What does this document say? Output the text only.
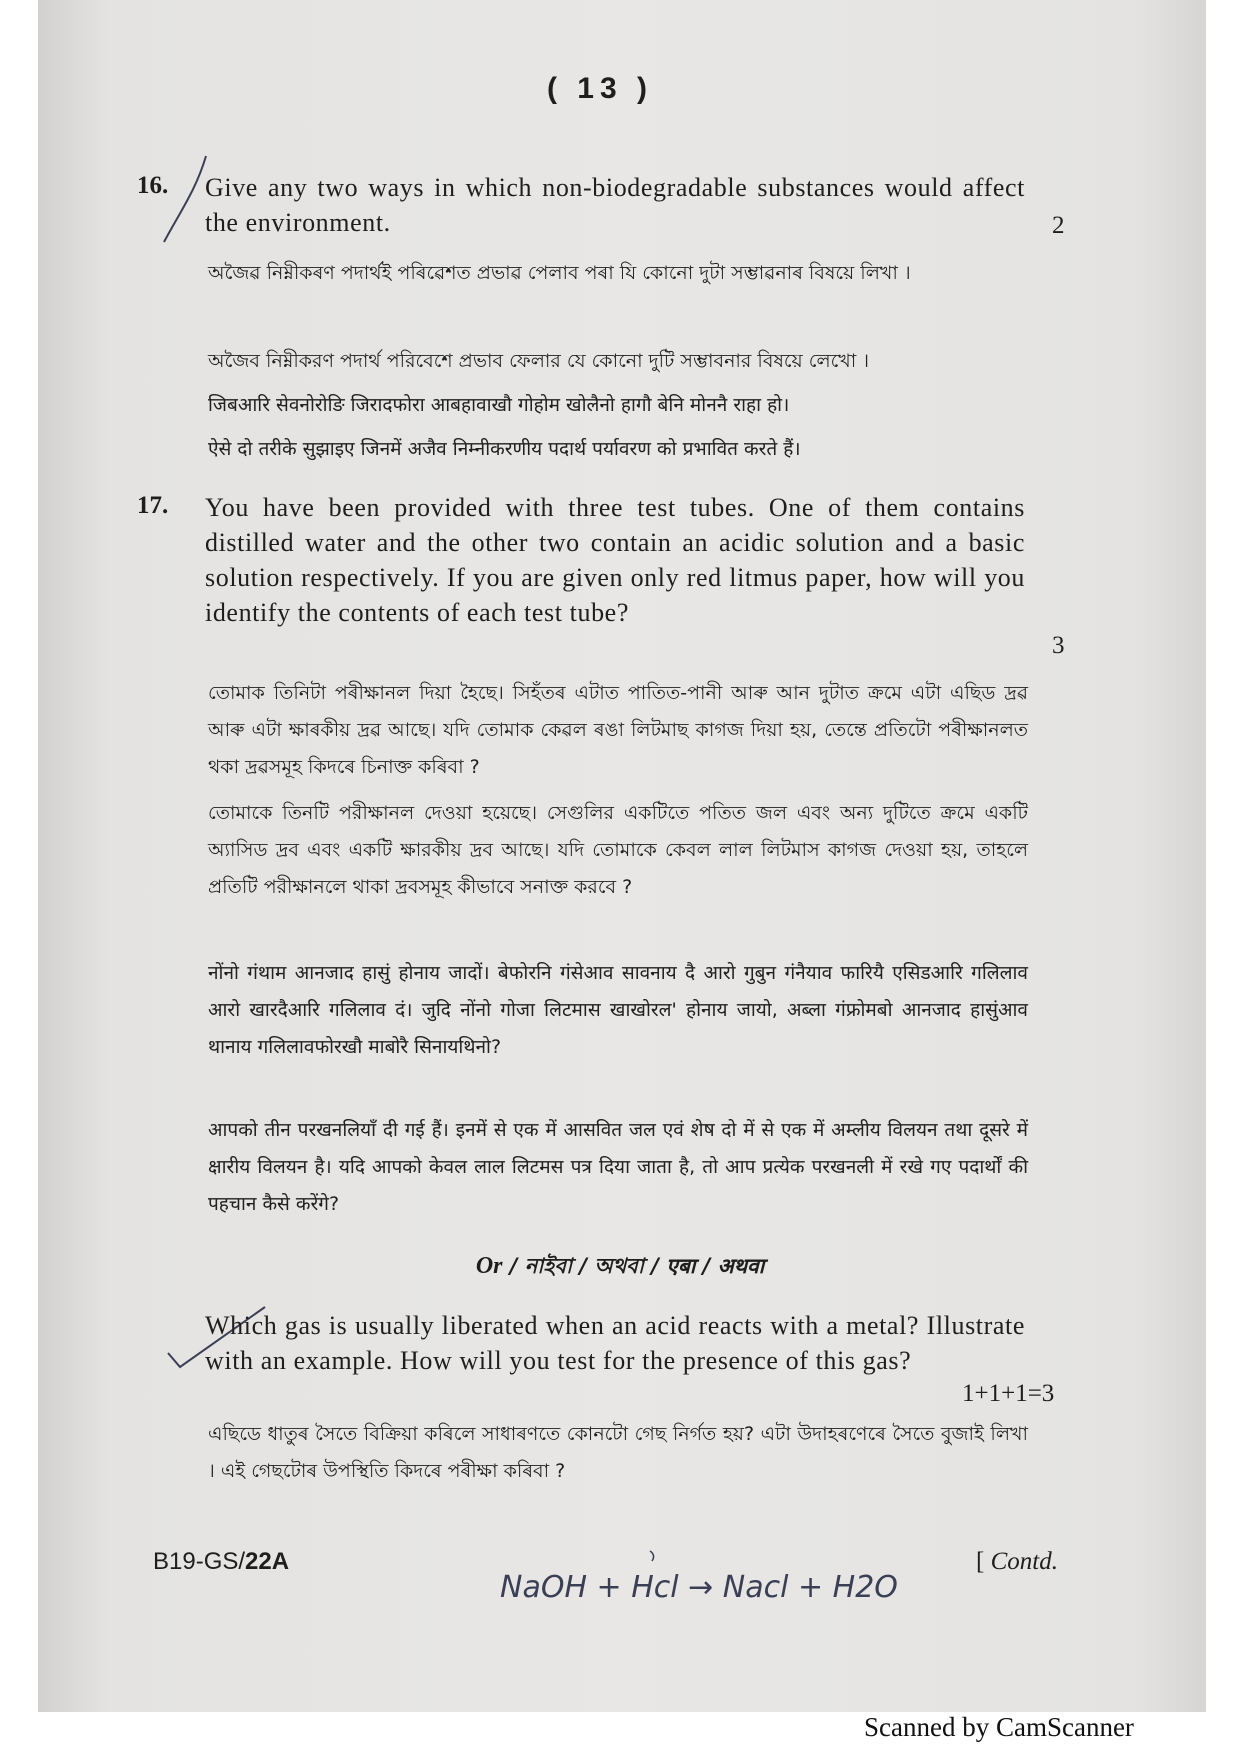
( 13 )
16. Give any two ways in which non-biodegradable substances would affect the environment.	2
অজৈৱ নিম্নীকৰণ পদাৰ্থই পৰিৱেশত প্ৰভাৱ পেলাব পৰা যি কোনো দুটা সম্ভাৱনাৰ বিষয়ে লিখা ।
অজৈব নিম্নীকরণ পদার্থ পরিবেশে প্রভাব ফেলার যে কোনো দুটি সম্ভাবনার বিষয়ে লেখো ।
जिबआरि सेवनोरोङि जिरादफोरा आबहावाखौ गोहोम खोलैनो हागौ बेनि मोननै राहा हो।
ऐसे दो तरीके सुझाइए जिनमें अजैव निम्नीकरणीय पदार्थ पर्यावरण को प्रभावित करते हैं।
17. You have been provided with three test tubes. One of them contains distilled water and the other two contain an acidic solution and a basic solution respectively. If you are given only red litmus paper, how will you identify the contents of each test tube?
3
তোমাক তিনিটা পৰীক্ষানল দিয়া হৈছে। সিহঁতৰ এটাত পাতিত-পানী আৰু আন দুটাত ক্ৰমে এটা এছিড দ্ৰৱ আৰু এটা ক্ষাৰকীয় দ্ৰৱ আছে। যদি তোমাক কেৱল ৰঙা লিটমাছ কাগজ দিয়া হয়, তেন্তে প্ৰতিটো পৰীক্ষানলত থকা দ্ৰৱসমূহ কিদৰে চিনাক্ত কৰিবা ?
তোমাকে তিনটি পরীক্ষানল দেওয়া হয়েছে। সেগুলির একটিতে পতিত জল এবং অন্য দুটিতে ক্রমে একটি অ্যাসিড দ্রব এবং একটি ক্ষারকীয় দ্রব আছে। যদি তোমাকে কেবল লাল লিটমাস কাগজ দেওয়া হয়, তাহলে প্রতিটি পরীক্ষানলে থাকা দ্রবসমূহ কীভাবে সনাক্ত করবে ?
नोंनो गंथाम आनजाद हासुं होनाय जादों। बेफोरनि गंसेआव सावनाय दै आरो गुबुन गंनैयाव फारियै एसिडआरि गलिलाव आरो खारदैआरि गलिलाव दं। जुदि नोंनो गोजा लिटमास खाखोरल' होनाय जायो, अब्ला गंफ्रोमबो आनजाद हासुंआव थानाय गलिलावफोरखौ माबोरै सिनायथिनो?
आपको तीन परखनलियाँ दी गई हैं। इनमें से एक में आसवित जल एवं शेष दो में से एक में अम्लीय विलयन तथा दूसरे में क्षारीय विलयन है। यदि आपको केवल लाल लिटमस पत्र दिया जाता है, तो आप प्रत्येक परखनली में रखे गए पदार्थों की पहचान कैसे करेंगे?
Or / নাইবা / অথবা / एबा / अथवा
Which gas is usually liberated when an acid reacts with a metal? Illustrate with an example. How will you test for the presence of this gas?
1+1+1=3
এছিডে ধাতুৰ সৈতে বিক্ৰিয়া কৰিলে সাধাৰণতে কোনটো গেছ নিৰ্গত হয়? এটা উদাহৰণেৰে সৈতে বুজাই লিখা । এই গেছটোৰ উপস্থিতি কিদৰে পৰীক্ষা কৰিবা ?
B19-GS/22A	[ Contd.
NaOH + Hcl → Nacl + H2O
Scanned by CamScanner
